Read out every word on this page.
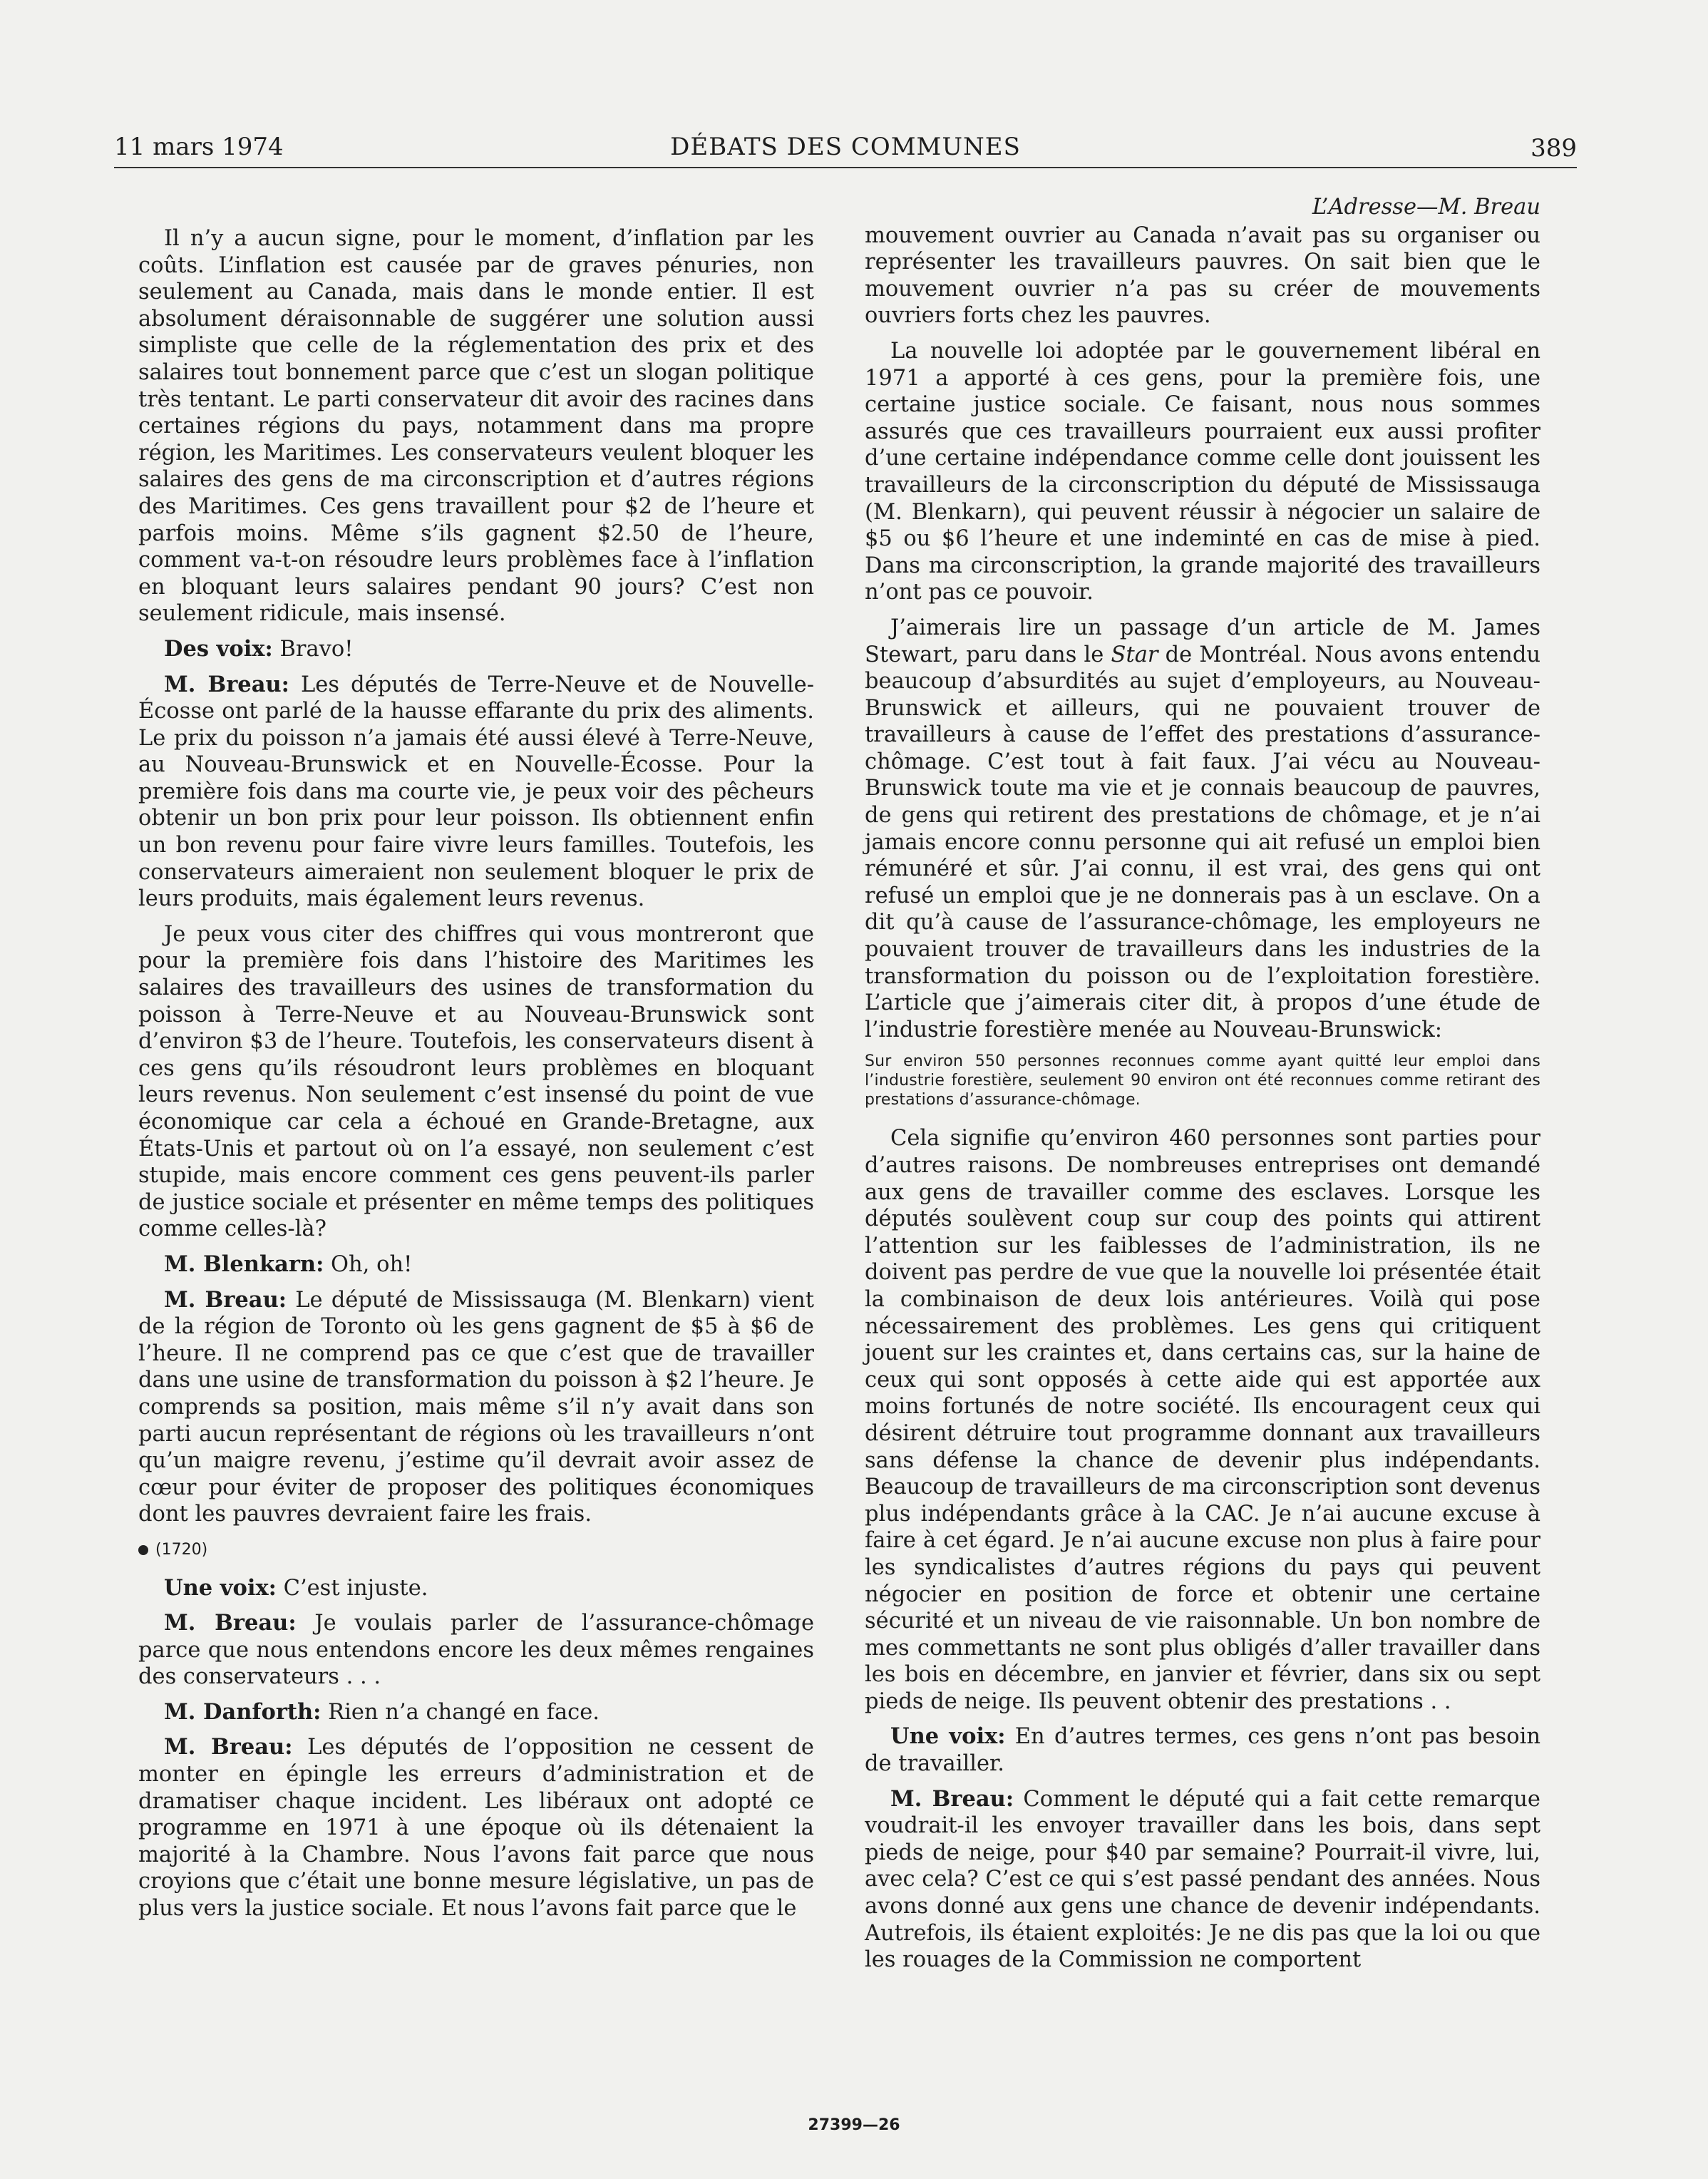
11 mars 1974	DÉBATS DES COMMUNES	389

Il n’y a aucun signe, pour le moment, d’inflation par les coûts. L’inflation est causée par de graves pénuries, non seulement au Canada, mais dans le monde entier. Il est absolument déraisonnable de suggérer une solution aussi simpliste que celle de la réglementation des prix et des salaires tout bonnement parce que c’est un slogan politique très tentant. Le parti conservateur dit avoir des racines dans certaines régions du pays, notamment dans ma propre région, les Maritimes. Les conservateurs veulent bloquer les salaires des gens de ma circonscription et d’autres régions des Maritimes. Ces gens travaillent pour $2 de l’heure et parfois moins. Même s’ils gagnent $2.50 de l’heure, comment va-t-on résoudre leurs problèmes face à l’inflation en bloquant leurs salaires pendant 90 jours? C’est non seulement ridicule, mais insensé.

Des voix: Bravo!

M. Breau: Les députés de Terre-Neuve et de Nouvelle-Écosse ont parlé de la hausse effarante du prix des aliments. Le prix du poisson n’a jamais été aussi élevé à Terre-Neuve, au Nouveau-Brunswick et en Nouvelle-Écosse. Pour la première fois dans ma courte vie, je peux voir des pêcheurs obtenir un bon prix pour leur poisson. Ils obtiennent enfin un bon revenu pour faire vivre leurs familles. Toutefois, les conservateurs aimeraient non seulement bloquer le prix de leurs produits, mais également leurs revenus.

Je peux vous citer des chiffres qui vous montreront que pour la première fois dans l’histoire des Maritimes les salaires des travailleurs des usines de transformation du poisson à Terre-Neuve et au Nouveau-Brunswick sont d’environ $3 de l’heure. Toutefois, les conservateurs disent à ces gens qu’ils résoudront leurs problèmes en bloquant leurs revenus. Non seulement c’est insensé du point de vue économique car cela a échoué en Grande-Bretagne, aux États-Unis et partout où on l’a essayé, non seulement c’est stupide, mais encore comment ces gens peuvent-ils parler de justice sociale et présenter en même temps des politiques comme celles-là?

M. Blenkarn: Oh, oh!

M. Breau: Le député de Mississauga (M. Blenkarn) vient de la région de Toronto où les gens gagnent de $5 à $6 de l’heure. Il ne comprend pas ce que c’est que de travailler dans une usine de transformation du poisson à $2 l’heure. Je comprends sa position, mais même s’il n’y avait dans son parti aucun représentant de régions où les travailleurs n’ont qu’un maigre revenu, j’estime qu’il devrait avoir assez de cœur pour éviter de proposer des politiques économiques dont les pauvres devraient faire les frais.

(1720)

Une voix: C’est injuste.

M. Breau: Je voulais parler de l’assurance-chômage parce que nous entendons encore les deux mêmes rengaines des conservateurs . . .

M. Danforth: Rien n’a changé en face.

M. Breau: Les députés de l’opposition ne cessent de monter en épingle les erreurs d’administration et de dramatiser chaque incident. Les libéraux ont adopté ce programme en 1971 à une époque où ils détenaient la majorité à la Chambre. Nous l’avons fait parce que nous croyions que c’était une bonne mesure législative, un pas de plus vers la justice sociale. Et nous l’avons fait parce que le

L’Adresse—M. Breau

mouvement ouvrier au Canada n’avait pas su organiser ou représenter les travailleurs pauvres. On sait bien que le mouvement ouvrier n’a pas su créer de mouvements ouvriers forts chez les pauvres.

La nouvelle loi adoptée par le gouvernement libéral en 1971 a apporté à ces gens, pour la première fois, une certaine justice sociale. Ce faisant, nous nous sommes assurés que ces travailleurs pourraient eux aussi profiter d’une certaine indépendance comme celle dont jouissent les travailleurs de la circonscription du député de Mississauga (M. Blenkarn), qui peuvent réussir à négocier un salaire de $5 ou $6 l’heure et une indeminté en cas de mise à pied. Dans ma circonscription, la grande majorité des travailleurs n’ont pas ce pouvoir.

J’aimerais lire un passage d’un article de M. James Stewart, paru dans le Star de Montréal. Nous avons entendu beaucoup d’absurdités au sujet d’employeurs, au Nouveau-Brunswick et ailleurs, qui ne pouvaient trouver de travailleurs à cause de l’effet des prestations d’assurance-chômage. C’est tout à fait faux. J’ai vécu au Nouveau-Brunswick toute ma vie et je connais beaucoup de pauvres, de gens qui retirent des prestations de chômage, et je n’ai jamais encore connu personne qui ait refusé un emploi bien rémunéré et sûr. J’ai connu, il est vrai, des gens qui ont refusé un emploi que je ne donnerais pas à un esclave. On a dit qu’à cause de l’assurance-chômage, les employeurs ne pouvaient trouver de travailleurs dans les industries de la transformation du poisson ou de l’exploitation forestière. L’article que j’aimerais citer dit, à propos d’une étude de l’industrie forestière menée au Nouveau-Brunswick:

Sur environ 550 personnes reconnues comme ayant quitté leur emploi dans l’industrie forestière, seulement 90 environ ont été reconnues comme retirant des prestations d’assurance-chômage.

Cela signifie qu’environ 460 personnes sont parties pour d’autres raisons. De nombreuses entreprises ont demandé aux gens de travailler comme des esclaves. Lorsque les députés soulèvent coup sur coup des points qui attirent l’attention sur les faiblesses de l’administration, ils ne doivent pas perdre de vue que la nouvelle loi présentée était la combinaison de deux lois antérieures. Voilà qui pose nécessairement des problèmes. Les gens qui critiquent jouent sur les craintes et, dans certains cas, sur la haine de ceux qui sont opposés à cette aide qui est apportée aux moins fortunés de notre société. Ils encouragent ceux qui désirent détruire tout programme donnant aux travailleurs sans défense la chance de devenir plus indépendants. Beaucoup de travailleurs de ma circonscription sont devenus plus indépendants grâce à la CAC. Je n’ai aucune excuse à faire à cet égard. Je n’ai aucune excuse non plus à faire pour les syndicalistes d’autres régions du pays qui peuvent négocier en position de force et obtenir une certaine sécurité et un niveau de vie raisonnable. Un bon nombre de mes commettants ne sont plus obligés d’aller travailler dans les bois en décembre, en janvier et février, dans six ou sept pieds de neige. Ils peuvent obtenir des prestations . .

Une voix: En d’autres termes, ces gens n’ont pas besoin de travailler.

M. Breau: Comment le député qui a fait cette remarque voudrait-il les envoyer travailler dans les bois, dans sept pieds de neige, pour $40 par semaine? Pourrait-il vivre, lui, avec cela? C’est ce qui s’est passé pendant des années. Nous avons donné aux gens une chance de devenir indépendants. Autrefois, ils étaient exploités: Je ne dis pas que la loi ou que les rouages de la Commission ne comportent

27399—26
